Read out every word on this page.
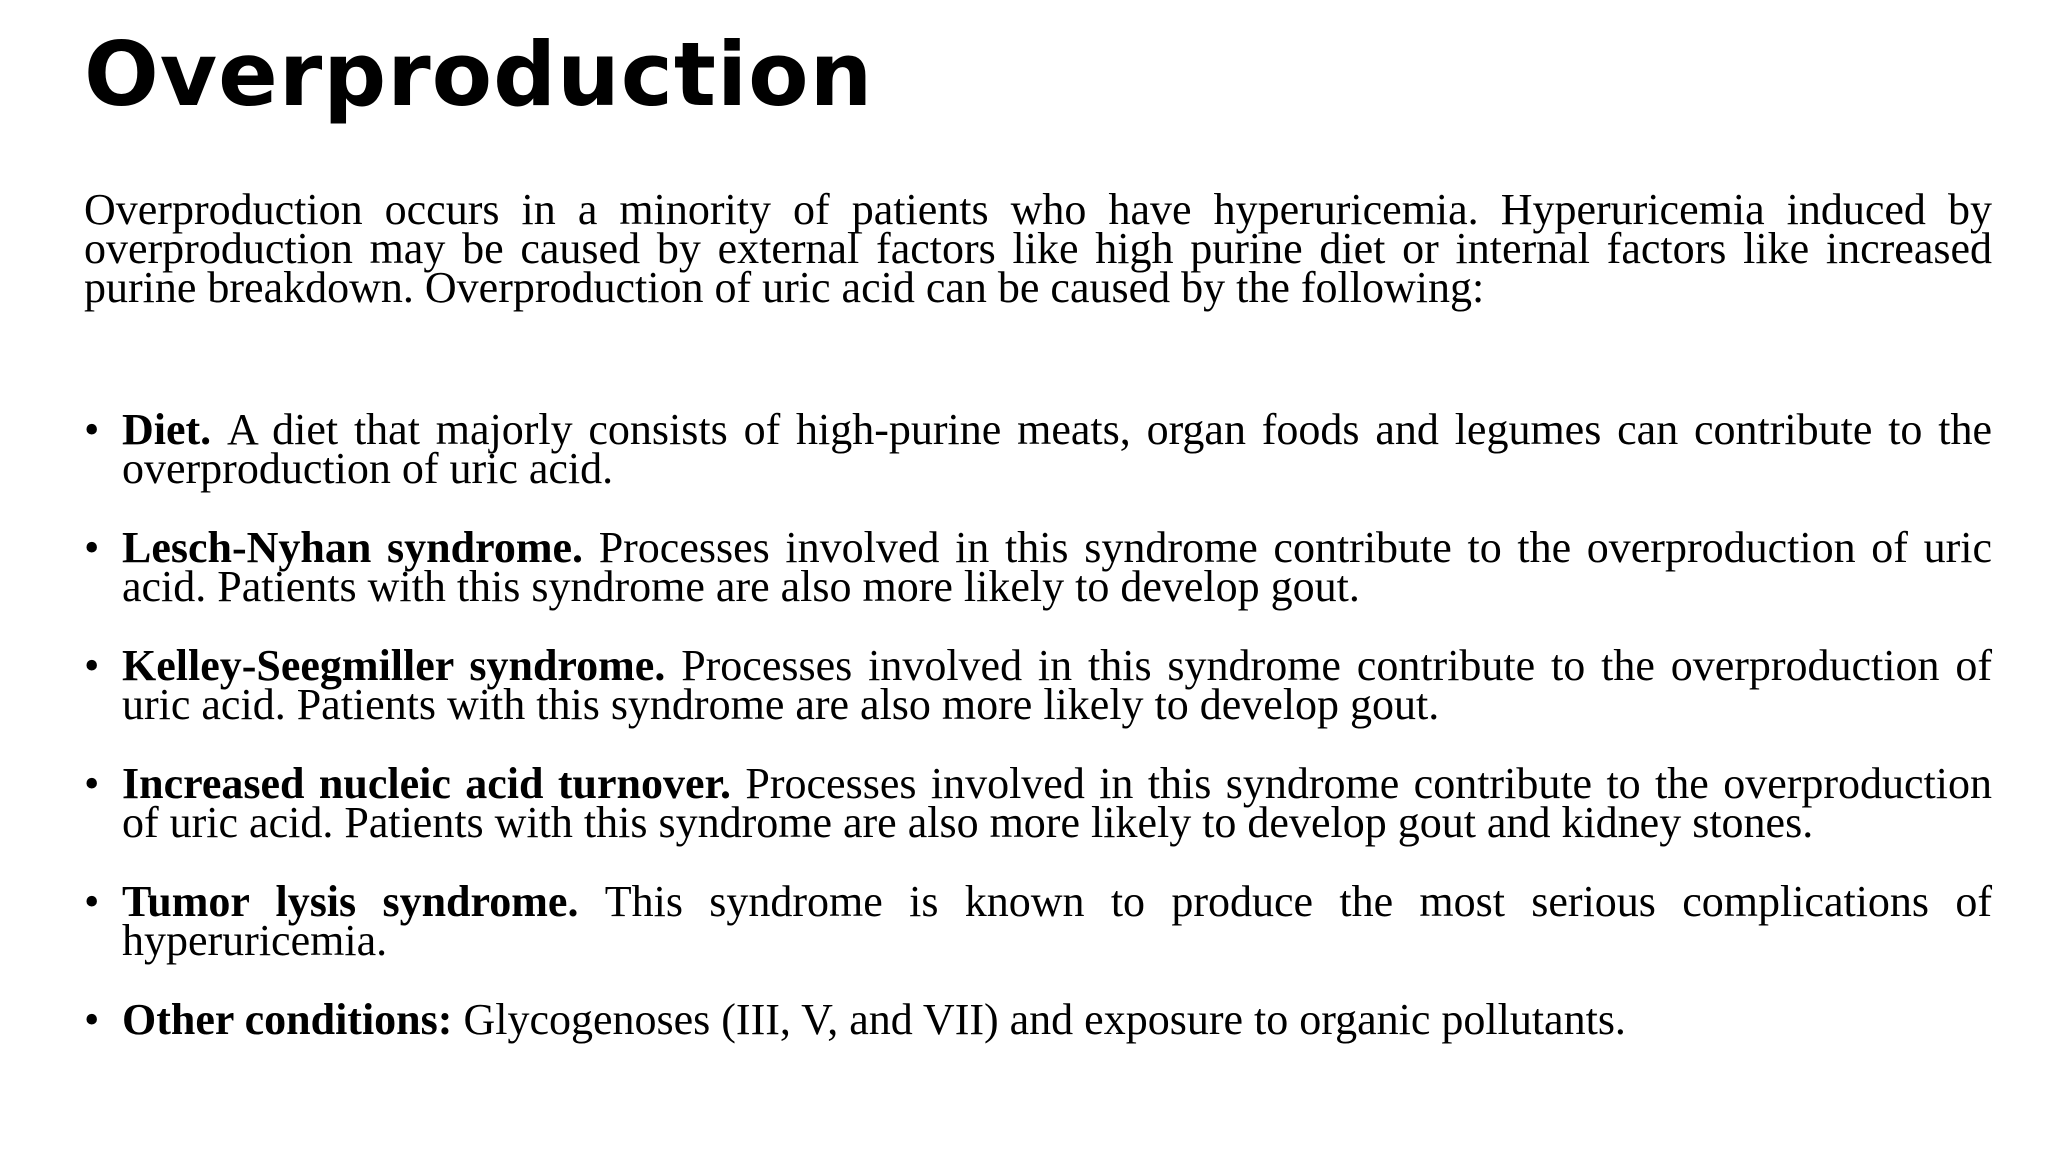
Overproduction

Overproduction occurs in a minority of patients who have hyperuricemia. Hyperuricemia induced by overproduction may be caused by external factors like high purine diet or internal factors like increased purine breakdown. Overproduction of uric acid can be caused by the following:

• Diet. A diet that majorly consists of high-purine meats, organ foods and legumes can contribute to the overproduction of uric acid.
• Lesch-Nyhan syndrome. Processes involved in this syndrome contribute to the overproduction of uric acid. Patients with this syndrome are also more likely to develop gout.
• Kelley-Seegmiller syndrome. Processes involved in this syndrome contribute to the overproduction of uric acid. Patients with this syndrome are also more likely to develop gout.
• Increased nucleic acid turnover. Processes involved in this syndrome contribute to the overproduction of uric acid. Patients with this syndrome are also more likely to develop gout and kidney stones.
• Tumor lysis syndrome. This syndrome is known to produce the most serious complications of hyperuricemia.
• Other conditions: Glycogenoses (III, V, and VII) and exposure to organic pollutants.
